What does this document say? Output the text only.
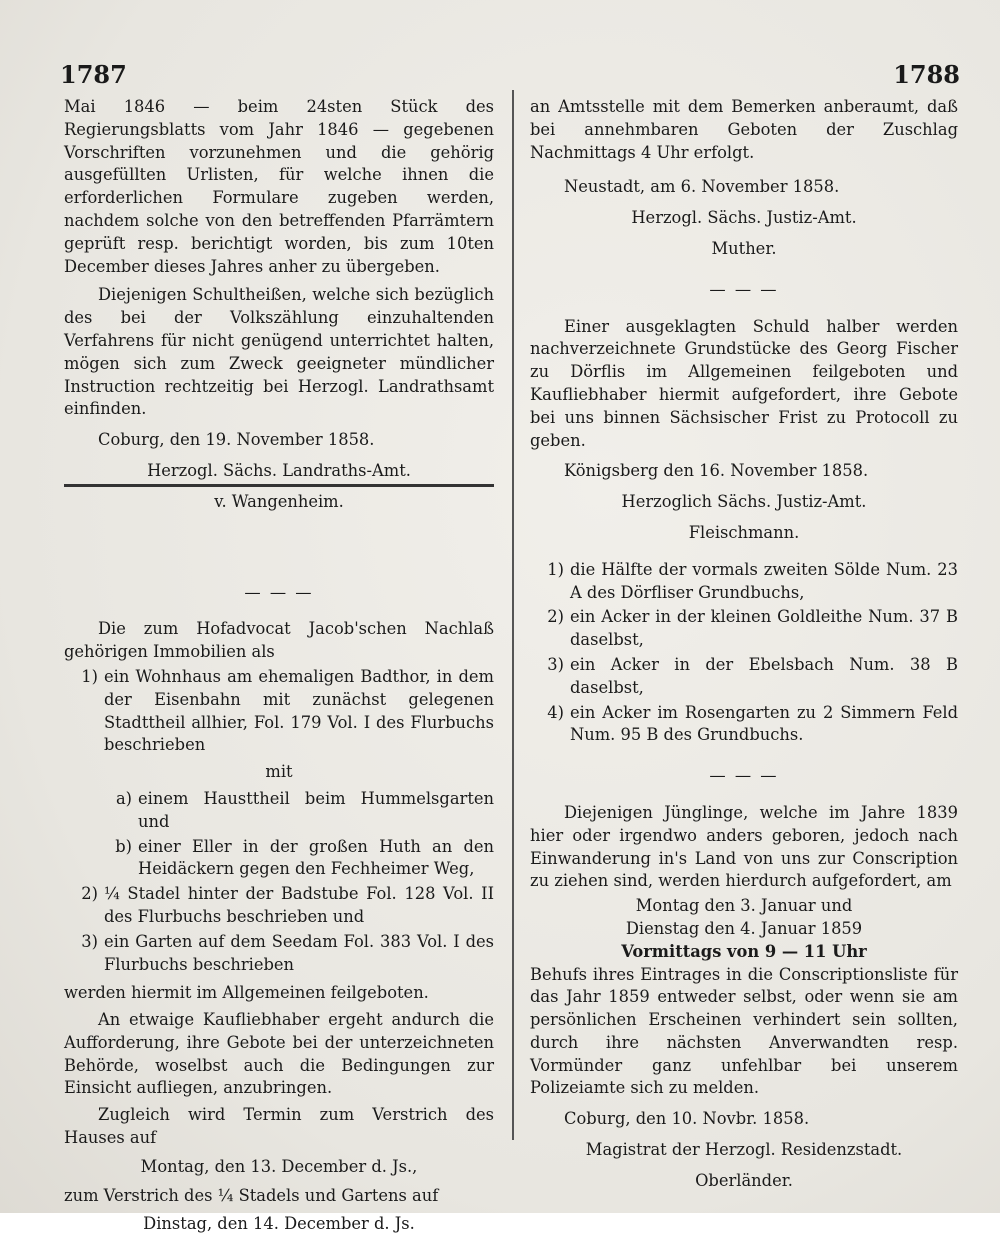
1787	1788

Mai 1846 — beim 24sten Stück des Regierungsblatts vom Jahr 1846 — gegebenen Vorschriften vorzunehmen und die gehörig ausgefüllten Urlisten, für welche ihnen die erforderlichen Formulare zugeben werden, nachdem solche von den betreffenden Pfarrämtern geprüft resp. berichtigt worden, bis zum 10ten December dieses Jahres anher zu übergeben.

Diejenigen Schultheißen, welche sich bezüglich des bei der Volkszählung einzuhaltenden Verfahrens für nicht genügend unterrichtet halten, mögen sich zum Zweck geeigneter mündlicher Instruction rechtzeitig bei Herzogl. Landrathsamt einfinden.

Coburg, den 19. November 1858.

Herzogl. Sächs. Landraths-Amt.

v. Wangenheim.

— — —

Die zum Hofadvocat Jacob'schen Nachlaß gehörigen Immobilien als

1) ein Wohnhaus am ehemaligen Badthor, in dem der Eisenbahn mit zunächst gelegenen Stadttheil allhier, Fol. 179 Vol. I des Flurbuchs beschrieben

mit

a) einem Hausttheil beim Hummelsgarten und
b) einer Eller in der großen Huth an den Heidäckern gegen den Fechheimer Weg,
2) ¼ Stadel hinter der Badstube Fol. 128 Vol. II des Flurbuchs beschrieben und
3) ein Garten auf dem Seedam Fol. 383 Vol. I des Flurbuchs beschrieben

werden hiermit im Allgemeinen feilgeboten.

An etwaige Kaufliebhaber ergeht andurch die Aufforderung, ihre Gebote bei der unterzeichneten Behörde, woselbst auch die Bedingungen zur Einsicht aufliegen, anzubringen.

Zugleich wird Termin zum Verstrich des Hauses auf

Montag, den 13. December d. Js.,

zum Verstrich des ¼ Stadels und Gartens auf

Dinstag, den 14. December d. Js.

an Amtsstelle mit dem Bemerken anberaumt, daß bei annehmbaren Geboten der Zuschlag Nachmittags 4 Uhr erfolgt.

Neustadt, am 6. November 1858.

Herzogl. Sächs. Justiz-Amt.

Muther.

— — —

Einer ausgeklagten Schuld halber werden nachverzeichnete Grundstücke des Georg Fischer zu Dörflis im Allgemeinen feilgeboten und Kaufliebhaber hiermit aufgefordert, ihre Gebote bei uns binnen Sächsischer Frist zu Protocoll zu geben.

Königsberg den 16. November 1858.

Herzoglich Sächs. Justiz-Amt.

Fleischmann.

1) die Hälfte der vormals zweiten Sölde Num. 23 A des Dörfliser Grundbuchs,
2) ein Acker in der kleinen Goldleithe Num. 37 B daselbst,
3) ein Acker in der Ebelsbach Num. 38 B daselbst,
4) ein Acker im Rosengarten zu 2 Simmern Feld Num. 95 B des Grundbuchs.

— — —

Diejenigen Jünglinge, welche im Jahre 1839 hier oder irgendwo anders geboren, jedoch nach Einwanderung in's Land von uns zur Conscription zu ziehen sind, werden hierdurch aufgefordert, am

Montag den 3. Januar und

Dienstag den 4. Januar 1859

Vormittags von 9 — 11 Uhr

Behufs ihres Eintrages in die Conscriptionsliste für das Jahr 1859 entweder selbst, oder wenn sie am persönlichen Erscheinen verhindert sein sollten, durch ihre nächsten Anverwandten resp. Vormünder ganz unfehlbar bei unserem Polizeiamte sich zu melden.

Coburg, den 10. Novbr. 1858.

Magistrat der Herzogl. Residenzstadt.

Oberländer.
